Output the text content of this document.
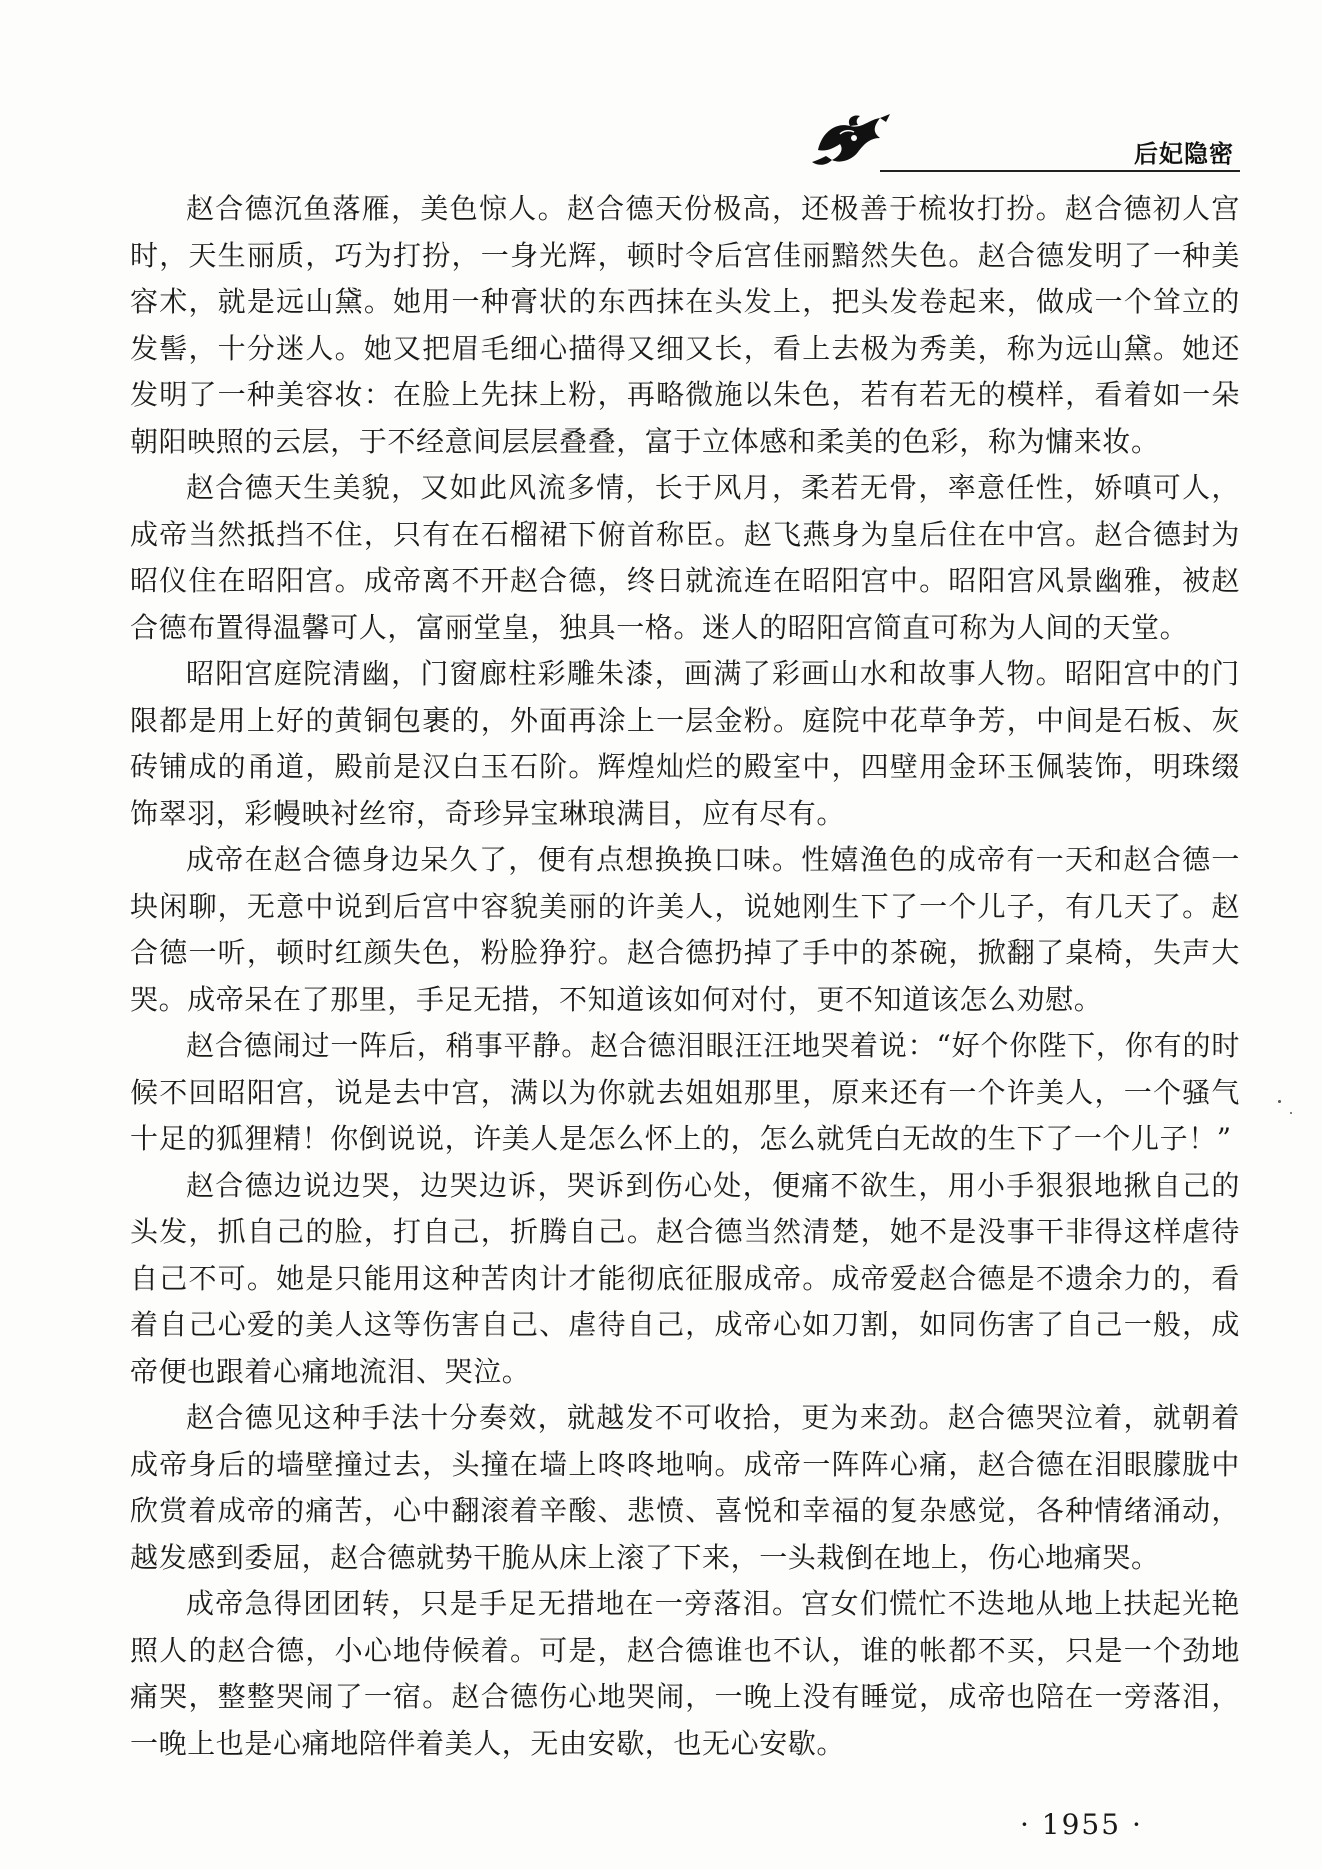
后妃隐密

赵合德沉鱼落雁，美色惊人。赵合德天份极高，还极善于梳妆打扮。赵合德初人宫时，天生丽质，巧为打扮，一身光辉，顿时令后宫佳丽黯然失色。赵合德发明了一种美容术，就是远山黛。她用一种膏状的东西抹在头发上，把头发卷起来，做成一个耸立的发髻，十分迷人。她又把眉毛细心描得又细又长，看上去极为秀美，称为远山黛。她还发明了一种美容妆：在脸上先抹上粉，再略微施以朱色，若有若无的模样，看着如一朵朝阳映照的云层，于不经意间层层叠叠，富于立体感和柔美的色彩，称为慵来妆。

赵合德天生美貌，又如此风流多情，长于风月，柔若无骨，率意任性，娇嗔可人，成帝当然抵挡不住，只有在石榴裙下俯首称臣。赵飞燕身为皇后住在中宫。赵合德封为昭仪住在昭阳宫。成帝离不开赵合德，终日就流连在昭阳宫中。昭阳宫风景幽雅，被赵合德布置得温馨可人，富丽堂皇，独具一格。迷人的昭阳宫简直可称为人间的天堂。

昭阳宫庭院清幽，门窗廊柱彩雕朱漆，画满了彩画山水和故事人物。昭阳宫中的门限都是用上好的黄铜包裹的，外面再涂上一层金粉。庭院中花草争芳，中间是石板、灰砖铺成的甬道，殿前是汉白玉石阶。辉煌灿烂的殿室中，四壁用金环玉佩装饰，明珠缀饰翠羽，彩幔映衬丝帘，奇珍异宝琳琅满目，应有尽有。

成帝在赵合德身边呆久了，便有点想换换口味。性嬉渔色的成帝有一天和赵合德一块闲聊，无意中说到后宫中容貌美丽的许美人，说她刚生下了一个儿子，有几天了。赵合德一听，顿时红颜失色，粉脸狰狞。赵合德扔掉了手中的茶碗，掀翻了桌椅，失声大哭。成帝呆在了那里，手足无措，不知道该如何对付，更不知道该怎么劝慰。

赵合德闹过一阵后，稍事平静。赵合德泪眼汪汪地哭着说：“好个你陛下，你有的时候不回昭阳宫，说是去中宫，满以为你就去姐姐那里，原来还有一个许美人，一个骚气十足的狐狸精！你倒说说，许美人是怎么怀上的，怎么就凭白无故的生下了一个儿子！”

赵合德边说边哭，边哭边诉，哭诉到伤心处，便痛不欲生，用小手狠狠地揪自己的头发，抓自己的脸，打自己，折腾自己。赵合德当然清楚，她不是没事干非得这样虐待自己不可。她是只能用这种苦肉计才能彻底征服成帝。成帝爱赵合德是不遗余力的，看着自己心爱的美人这等伤害自己、虐待自己，成帝心如刀割，如同伤害了自己一般，成帝便也跟着心痛地流泪、哭泣。

赵合德见这种手法十分奏效，就越发不可收拾，更为来劲。赵合德哭泣着，就朝着成帝身后的墙壁撞过去，头撞在墙上咚咚地响。成帝一阵阵心痛，赵合德在泪眼朦胧中欣赏着成帝的痛苦，心中翻滚着辛酸、悲愤、喜悦和幸福的复杂感觉，各种情绪涌动，越发感到委屈，赵合德就势干脆从床上滚了下来，一头栽倒在地上，伤心地痛哭。

成帝急得团团转，只是手足无措地在一旁落泪。宫女们慌忙不迭地从地上扶起光艳照人的赵合德，小心地侍候着。可是，赵合德谁也不认，谁的帐都不买，只是一个劲地痛哭，整整哭闹了一宿。赵合德伤心地哭闹，一晚上没有睡觉，成帝也陪在一旁落泪，一晚上也是心痛地陪伴着美人，无由安歇，也无心安歇。

· 1955 ·
